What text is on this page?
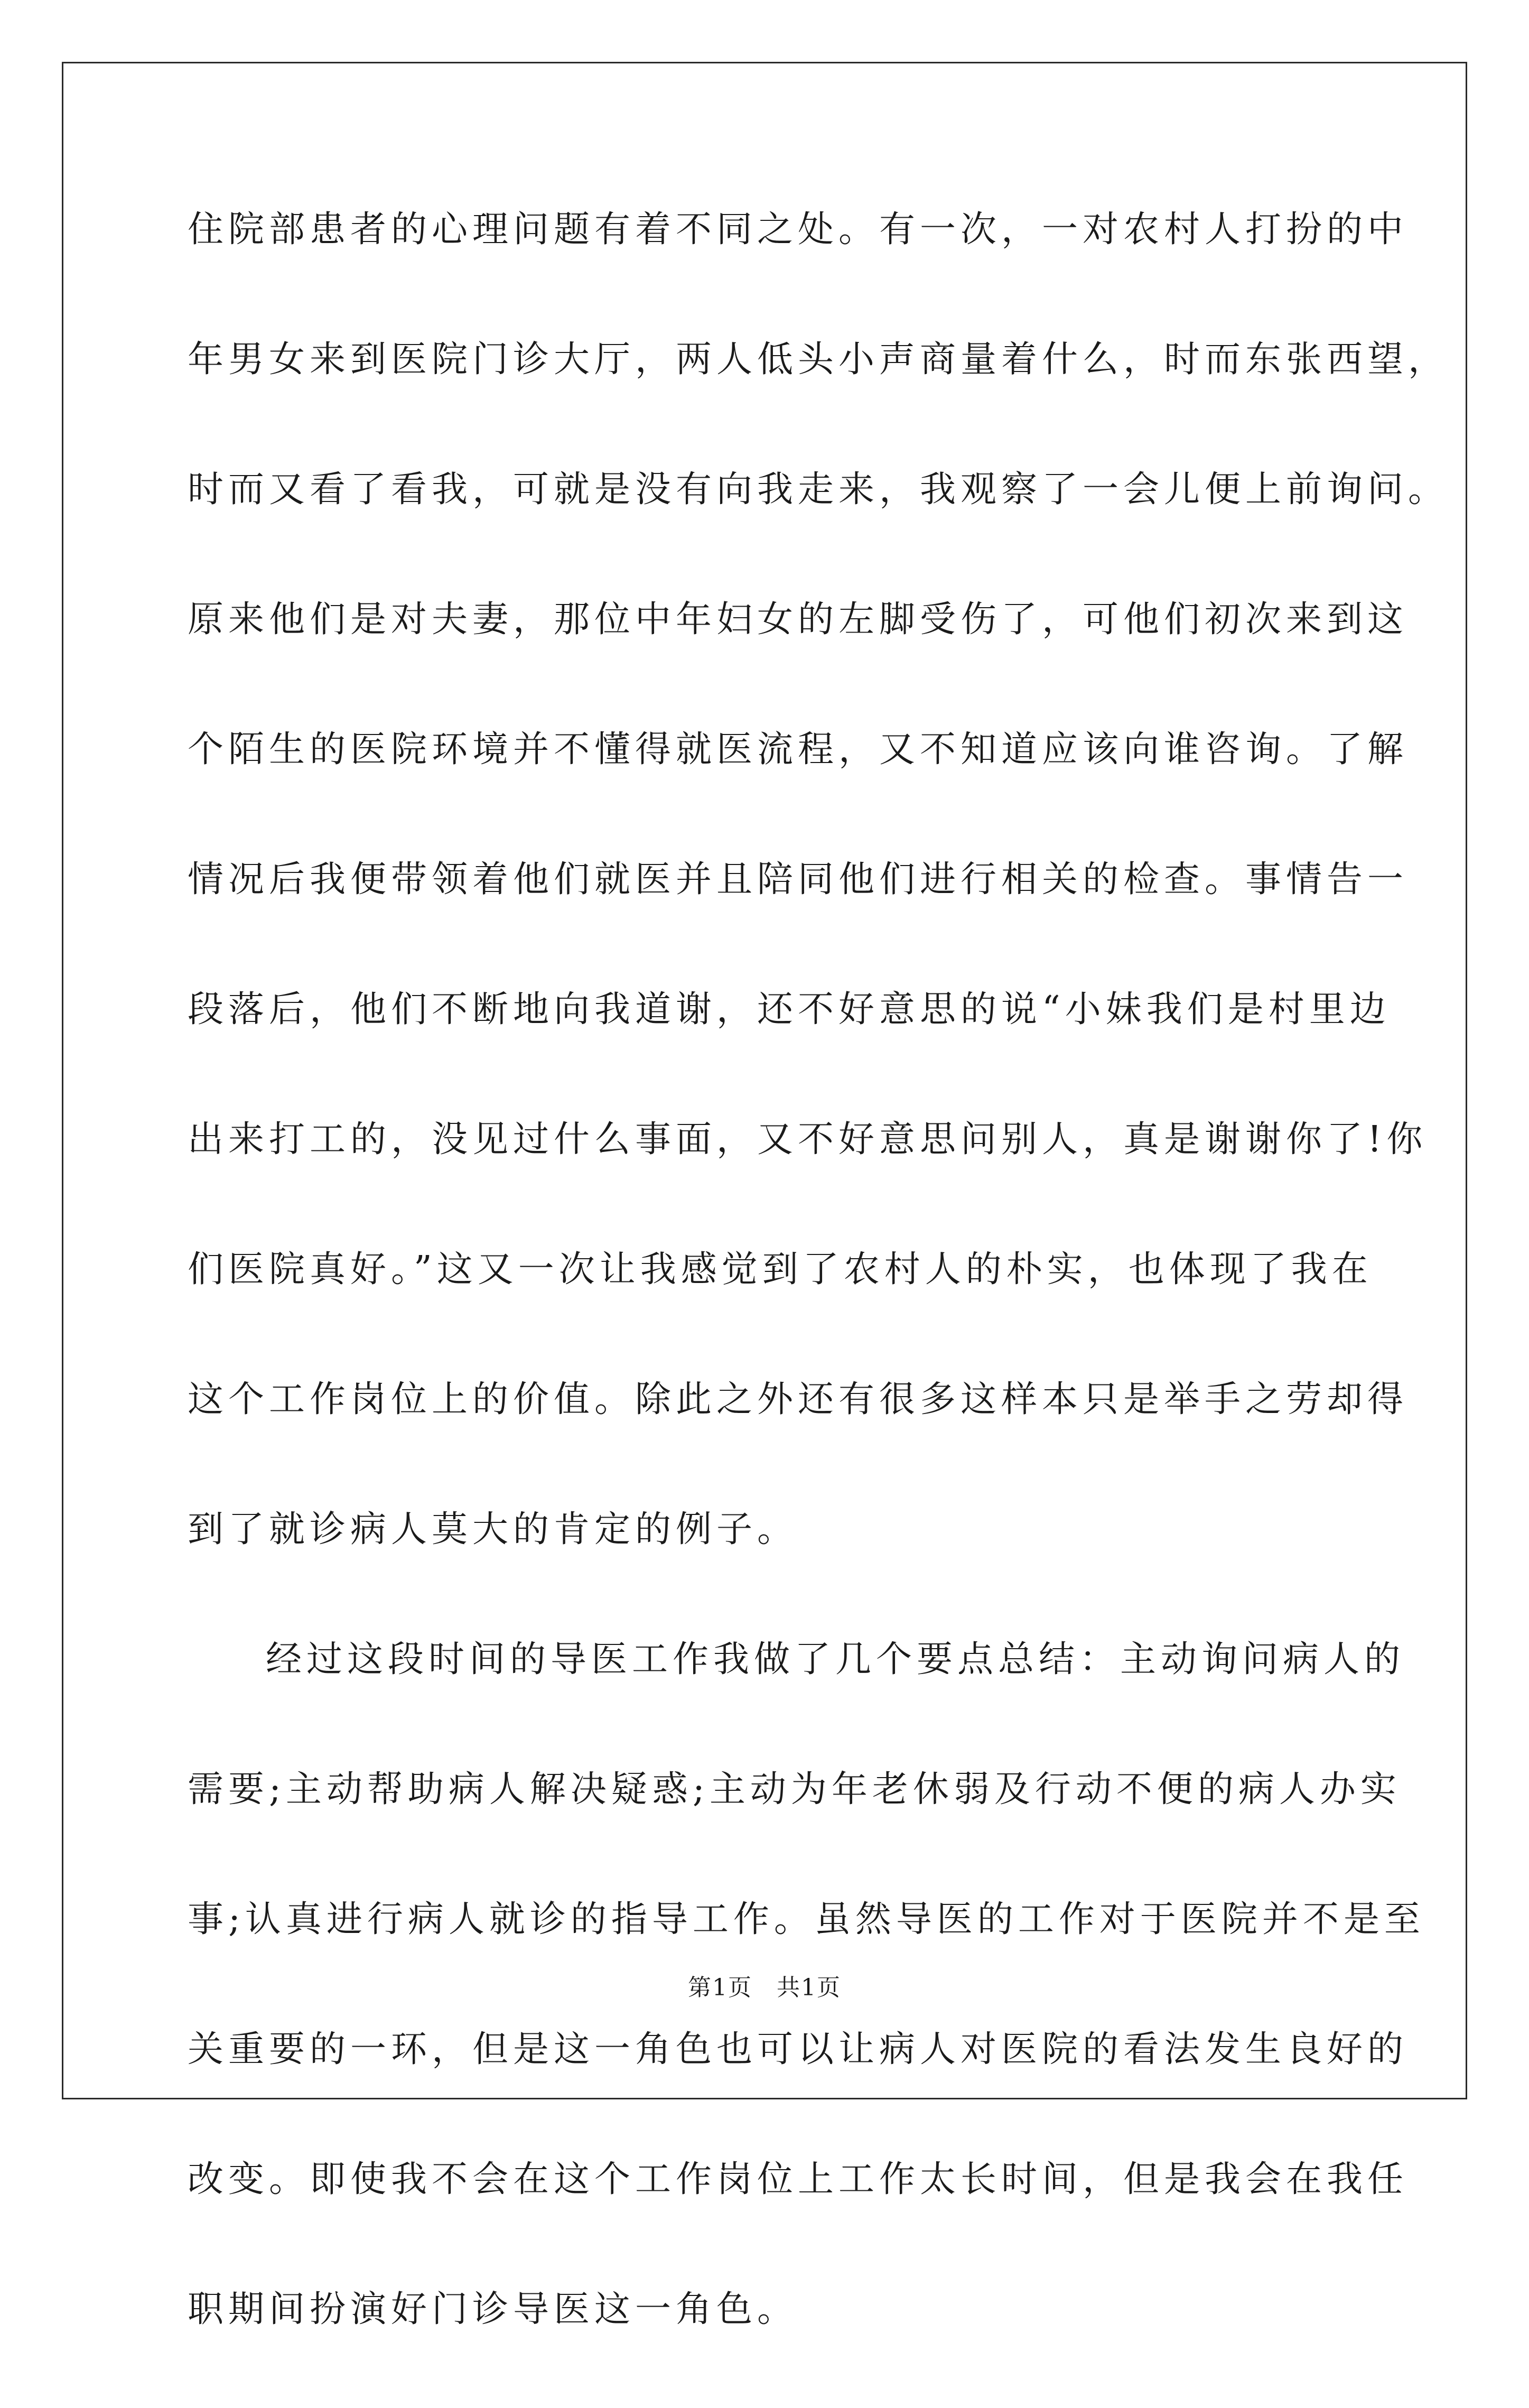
住院部患者的心理问题有着不同之处。有一次，一对农村人打扮的中
年男女来到医院门诊大厅，两人低头小声商量着什么，时而东张西望，
时而又看了看我，可就是没有向我走来，我观察了一会儿便上前询问。
原来他们是对夫妻，那位中年妇女的左脚受伤了，可他们初次来到这
个陌生的医院环境并不懂得就医流程，又不知道应该向谁咨询。了解
情况后我便带领着他们就医并且陪同他们进行相关的检查。事情告一
段落后，他们不断地向我道谢，还不好意思的说“小妹我们是村里边
出来打工的，没见过什么事面，又不好意思问别人，真是谢谢你了!你
们医院真好。”这又一次让我感觉到了农村人的朴实，也体现了我在
这个工作岗位上的价值。除此之外还有很多这样本只是举手之劳却得
到了就诊病人莫大的肯定的例子。
经过这段时间的导医工作我做了几个要点总结：主动询问病人的
需要;主动帮助病人解决疑惑;主动为年老休弱及行动不便的病人办实
事;认真进行病人就诊的指导工作。虽然导医的工作对于医院并不是至
关重要的一环，但是这一角色也可以让病人对医院的看法发生良好的
改变。即使我不会在这个工作岗位上工作太长时间，但是我会在我任
职期间扮演好门诊导医这一角色。
第1页　共1页
